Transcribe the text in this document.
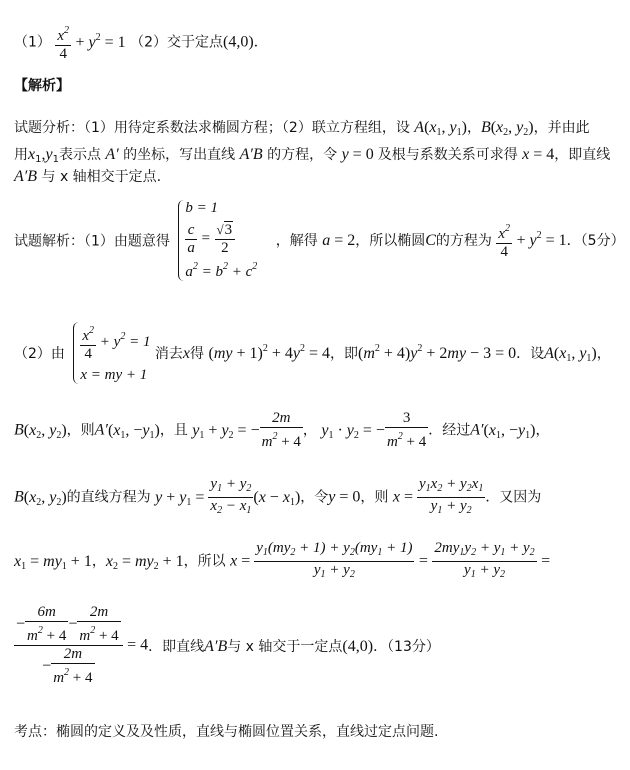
$(1) \frac{x^2}{4} + y^2 = 1$ （2）交于定点(4,0)．
【解析】
试题分析：（1）用待定系数法求椭圆方程；（2）联立方程组，设 $A(x_1$, $y_1$)，$B(x_2$, $y_2$)，并由此
用$x_1,y_1$表示点 A′ 的坐标，写出直线 A′B 的方程，令 y = 0 及根与系数关系可求得 x = 4，即直线
A′B 与 x 轴相交于定点.
试题解析：（1）由题意得
b = 1
$\frac{c}{a} = \frac{√3}{2}$
$a^2 = b^2 + c^2$
，解得 a = 2，所以椭圆C的方程为 $\frac{x^2}{4} + y^2 = 1$．（5分）
（2）由 $\frac{x^2}{4} + y^2 = 1$
x = my + 1
消去x得 $(my + 1)^2 + 4y^2 = 4$，即$(m^2 + 4)y^2 + 2my - 3 = 0$．设$A(x_1$, $y_1$)，
$B(x_2$, $y_2$)，则$A'(x_1$, $-y_1$)，且 $y_1 + y_2$ = − $\frac{2m}{m^2 + 4}$ ， $y_1 \cdot y_2$ = − $\frac{3}{m^2 + 4}$ ．经过$A'(x_1$, $-y_1$)，
$B(x_2$, $y_2$)的直线方程为 $y + y_1 = \frac{y_1 + y_2}{x_2 - x_1} (x - x_1)$，令y = 0，则 $x = \frac{y_1x_2 + y_2x_1}{y_1 + y_2}$ ．又因为
$x_1 = my_1 + 1$，$x_2 = my_2 + 1$，所以 $x = \frac{y_1(my_2 + 1) + y_2(my_1 + 1)}{y_1 + y_2} = \frac{2my_1y_2 + y_1 + y_2}{y_1 + y_2}$ =
$\frac{- \frac{6m}{m^2 + 4} - \frac{2m}{m^2 + 4}}{- \frac{2m}{m^2 + 4}} = 4$．即直线A′B与 x 轴交于一定点(4,0)．（13分）
考点：椭圆的定义及及性质，直线与椭圆位置关系，直线过定点问题.
